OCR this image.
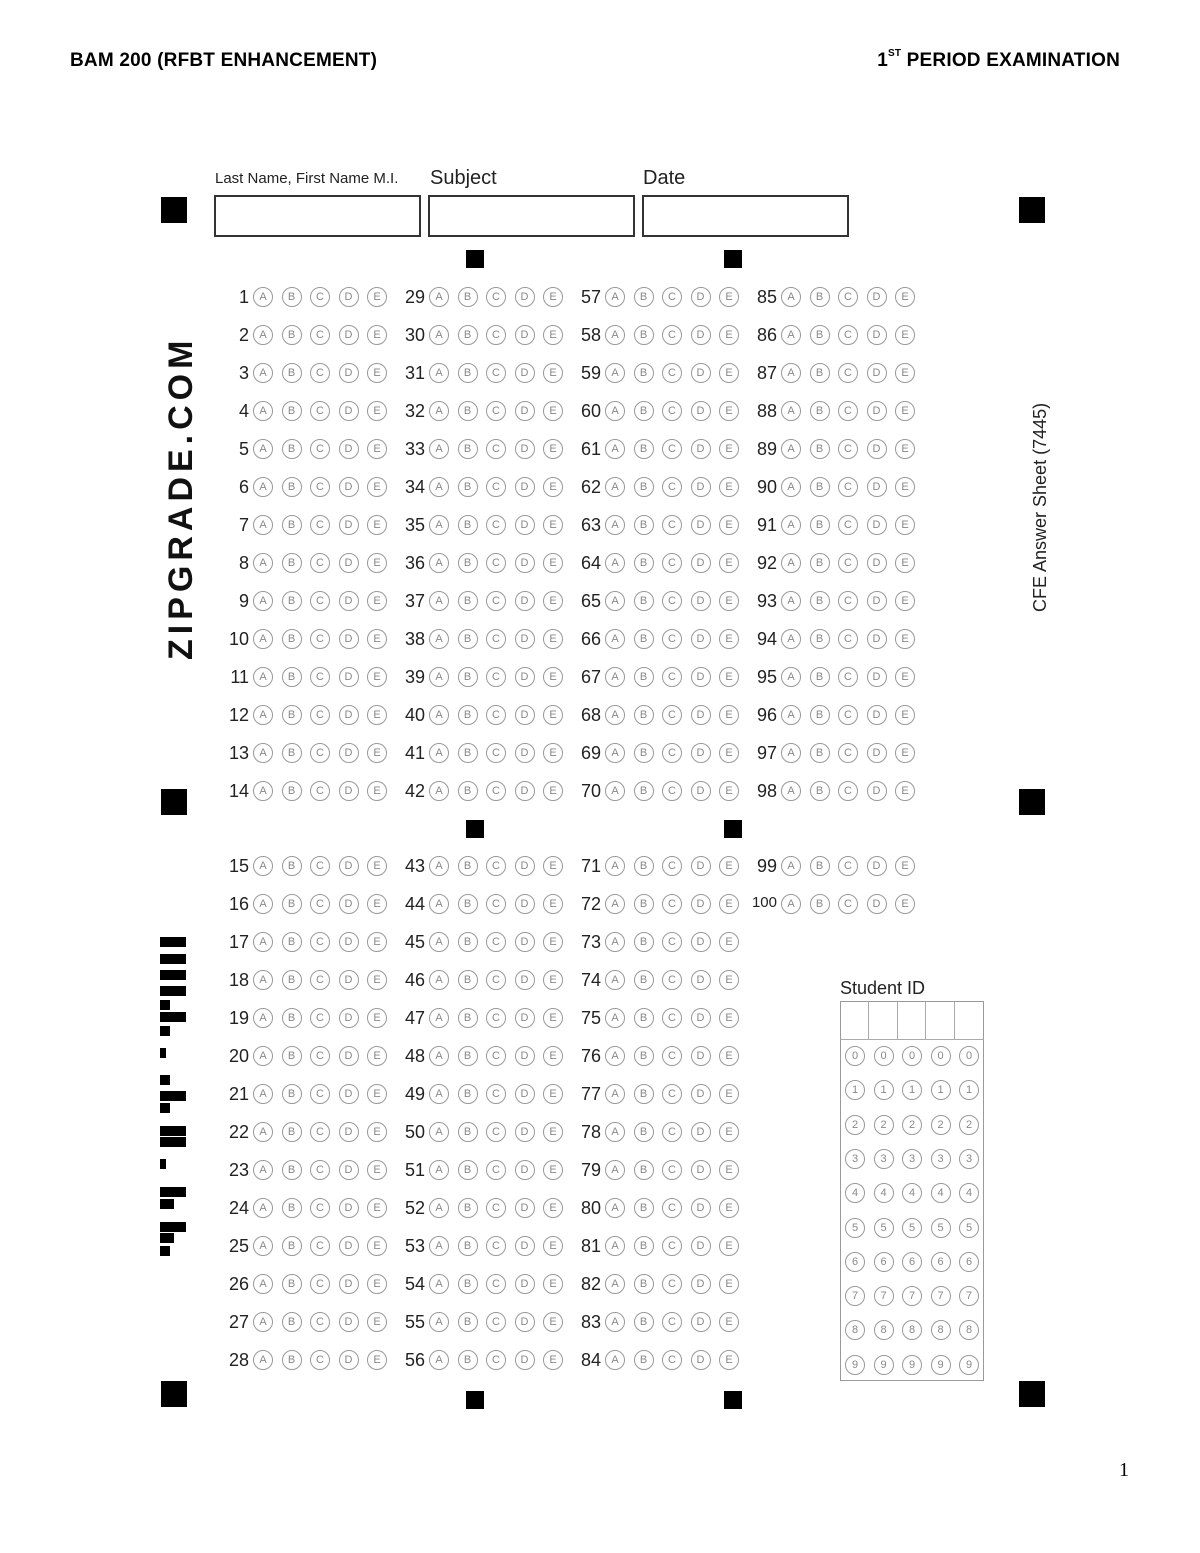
BAM 200 (RFBT ENHANCEMENT)	1ST PERIOD EXAMINATION
Last Name, First Name M.I. Subject	Date
ZIPGRADE.COM	CFE Answer Sheet (7445)
1 A	B	C	D	E
2 A	B	C	D	E
3 A	B	C	D	E
4 A	B	C	D	E
5 A	B	C	D	E
6 A	B	C	D	E
7 A	B	C	D	E
8 A	B	C	D	E
9 A	B	C	D	E
10 A	B	C	D	E
11 A	B	C	D	E
12 A	B	C	D	E
13 A	B	C	D	E
14 A	B	C	D	E
29 A	B	C	D	E
30 A	B	C	D	E
31 A	B	C	D	E
32 A	B	C	D	E
33 A	B	C	D	E
34 A	B	C	D	E
35 A	B	C	D	E
36 A	B	C	D	E
37 A	B	C	D	E
38 A	B	C	D	E
39 A	B	C	D	E
40 A	B	C	D	E
41 A	B	C	D	E
42 A	B	C	D	E
57 A	B	C	D	E
58 A	B	C	D	E
59 A	B	C	D	E
60 A	B	C	D	E
61 A	B	C	D	E
62 A	B	C	D	E
63 A	B	C	D	E
64 A	B	C	D	E
65 A	B	C	D	E
66 A	B	C	D	E
67 A	B	C	D	E
68 A	B	C	D	E
69 A	B	C	D	E
70 A	B	C	D	E
85 A	B	C	D	E
86 A	B	C	D	E
87 A	B	C	D	E
88 A	B	C	D	E
89 A	B	C	D	E
90 A	B	C	D	E
91 A	B	C	D	E
92 A	B	C	D	E
93 A	B	C	D	E
94 A	B	C	D	E
95 A	B	C	D	E
96 A	B	C	D	E
97 A	B	C	D	E
98 A	B	C	D	E
15 A	B	C	D	E
16 A	B	C	D	E
17 A	B	C	D	E
18 A	B	C	D	E
19 A	B	C	D	E
20 A	B	C	D	E
21 A	B	C	D	E
22 A	B	C	D	E
23 A	B	C	D	E
24 A	B	C	D	E
25 A	B	C	D	E
26 A	B	C	D	E
27 A	B	C	D	E
28 A	B	C	D	E
43 A	B	C	D	E
44 A	B	C	D	E
45 A	B	C	D	E
46 A	B	C	D	E
47 A	B	C	D	E
48 A	B	C	D	E
49 A	B	C	D	E
50 A	B	C	D	E
51 A	B	C	D	E
52 A	B	C	D	E
53 A	B	C	D	E
54 A	B	C	D	E
55 A	B	C	D	E
56 A	B	C	D	E
71 A	B	C	D	E
72 A	B	C	D	E
73 A	B	C	D	E
74 A	B	C	D	E
75 A	B	C	D	E
76 A	B	C	D	E
77 A	B	C	D	E
78 A	B	C	D	E
79 A	B	C	D	E
80 A	B	C	D	E
81 A	B	C	D	E
82 A	B	C	D	E
83 A	B	C	D	E
84 A	B	C	D	E
99 A	B	C	D	E
100 A	B	C	D	E
Student ID
0	0	0	0	0
1	1	1	1	1
2	2	2	2	2
3	3	3	3	3
4	4	4	4	4
5	5	5	5	5
6	6	6	6	6
7	7	7	7	7
8	8	8	8	8
9	9	9	9	9
1
